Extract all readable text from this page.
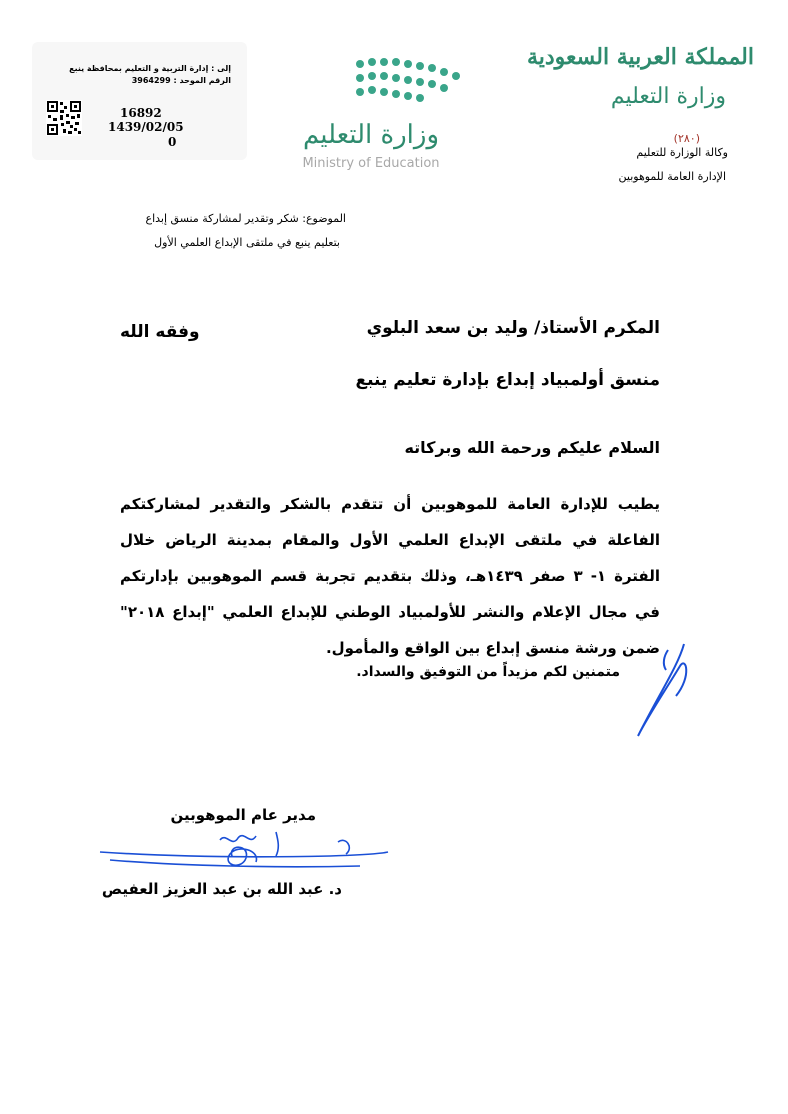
المملكة العربية السعودية
وزارة التعليم
(٢٨٠)
وكالة الوزارة للتعليم
الإدارة العامة للموهوبين
وزارة التعليم
Ministry of Education
إلى : إدارة التربية و التعليم بمحافظة ينبع
الرقم الموحد : 3964299
16892
1439/02/05
0
الموضوع: شكر وتقدير لمشاركة منسق إبداع
بتعليم ينبع في ملتقى الإبداع العلمي الأول
المكرم الأستاذ/ وليد بن سعد البلوي
وفقه الله
منسق أولمبياد إبداع بإدارة تعليم ينبع
السلام عليكم ورحمة الله وبركاته
يطيب للإدارة العامة للموهوبين أن تتقدم بالشكر والتقدير لمشاركتكم الفاعلة في ملتقى الإبداع العلمي الأول والمقام بمدينة الرياض خلال الفترة ١- ٣ صفر ١٤٣٩هـ، وذلك بتقديم تجربة قسم الموهوبين بإدارتكم في مجال الإعلام والنشر للأولمبياد الوطني للإبداع العلمي "إبداع ٢٠١٨" ضمن ورشة منسق إبداع بين الواقع والمأمول.
متمنين لكم مزيداً من التوفيق والسداد.
مدير عام الموهوبين
د. عبد الله بن عبد العزيز العفيص
